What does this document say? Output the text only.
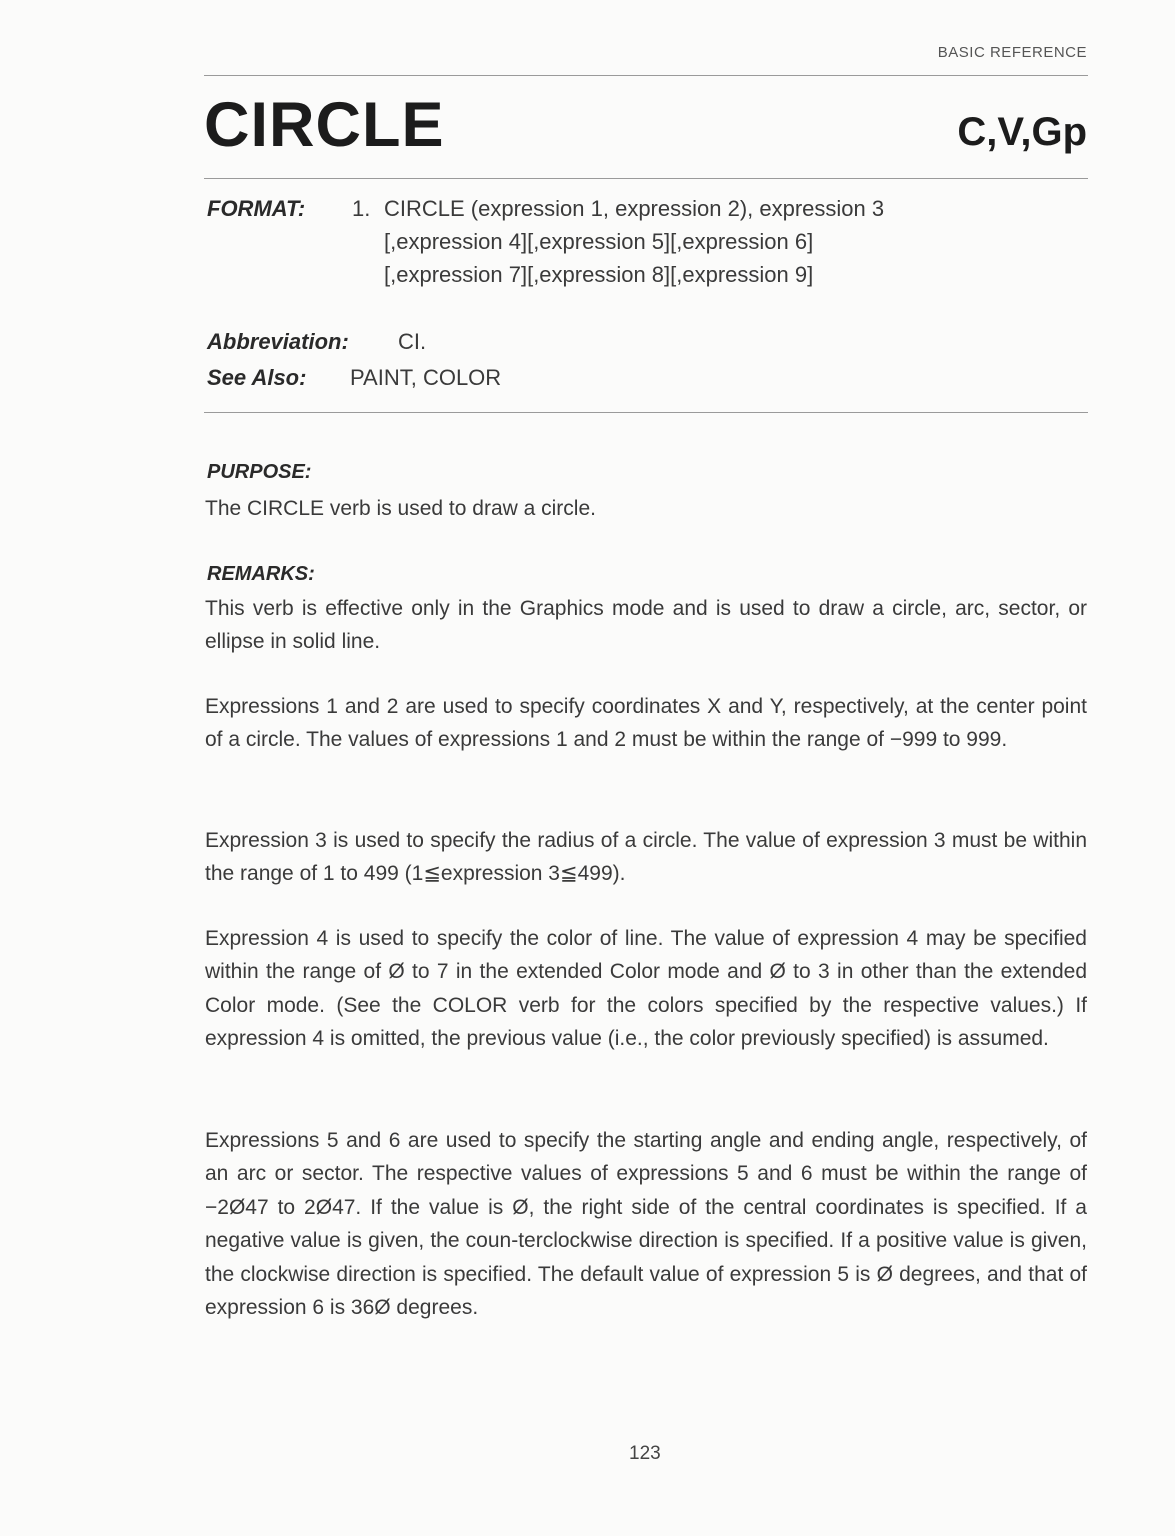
BASIC REFERENCE
CIRCLE	C,V,Gp
FORMAT: 1. CIRCLE (expression 1, expression 2), expression 3
[,expression 4][,expression 5][,expression 6]
[,expression 7][,expression 8][,expression 9]
Abbreviation: CI.
See Also: PAINT, COLOR
PURPOSE:

The CIRCLE verb is used to draw a circle.

REMARKS:

This verb is effective only in the Graphics mode and is used to draw a circle, arc, sector, or ellipse in solid line.

Expressions 1 and 2 are used to specify coordinates X and Y, respectively, at the center point of a circle. The values of expressions 1 and 2 must be within the range of −999 to 999.

Expression 3 is used to specify the radius of a circle. The value of expression 3 must be within the range of 1 to 499 (1≦expression 3≦499).

Expression 4 is used to specify the color of line. The value of expression 4 may be specified within the range of Ø to 7 in the extended Color mode and Ø to 3 in other than the extended Color mode. (See the COLOR verb for the colors specified by the respective values.) If expression 4 is omitted, the previous value (i.e., the color previously specified) is assumed.

Expressions 5 and 6 are used to specify the starting angle and ending angle, respectively, of an arc or sector. The respective values of expressions 5 and 6 must be within the range of −2Ø47 to 2Ø47. If the value is Ø, the right side of the central coordinates is specified. If a negative value is given, the coun-terclockwise direction is specified. If a positive value is given, the clockwise direction is specified. The default value of expression 5 is Ø degrees, and that of expression 6 is 36Ø degrees.

123
